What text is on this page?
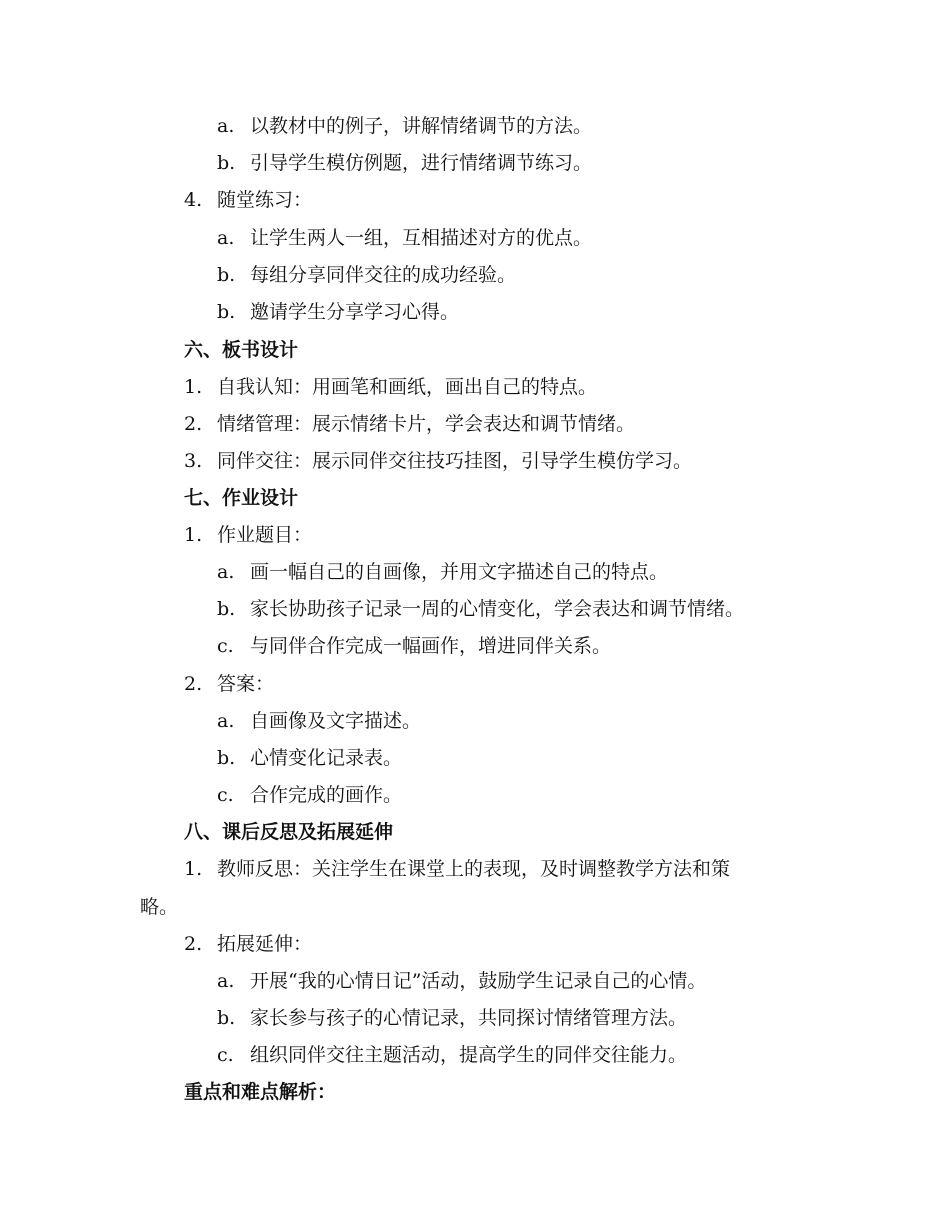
a. 以教材中的例子，讲解情绪调节的方法。
b. 引导学生模仿例题，进行情绪调节练习。
4. 随堂练习：
a. 让学生两人一组，互相描述对方的优点。
b. 每组分享同伴交往的成功经验。
b. 邀请学生分享学习心得。
六、板书设计
1. 自我认知：用画笔和画纸，画出自己的特点。
2. 情绪管理：展示情绪卡片，学会表达和调节情绪。
3. 同伴交往：展示同伴交往技巧挂图，引导学生模仿学习。
七、作业设计
1. 作业题目：
a. 画一幅自己的自画像，并用文字描述自己的特点。
b. 家长协助孩子记录一周的心情变化，学会表达和调节情绪。
c. 与同伴合作完成一幅画作，增进同伴关系。
2. 答案：
a. 自画像及文字描述。
b. 心情变化记录表。
c. 合作完成的画作。
八、课后反思及拓展延伸
1. 教师反思：关注学生在课堂上的表现，及时调整教学方法和策
略。
2. 拓展延伸：
a. 开展“我的心情日记”活动，鼓励学生记录自己的心情。
b. 家长参与孩子的心情记录，共同探讨情绪管理方法。
c. 组织同伴交往主题活动，提高学生的同伴交往能力。
重点和难点解析：
